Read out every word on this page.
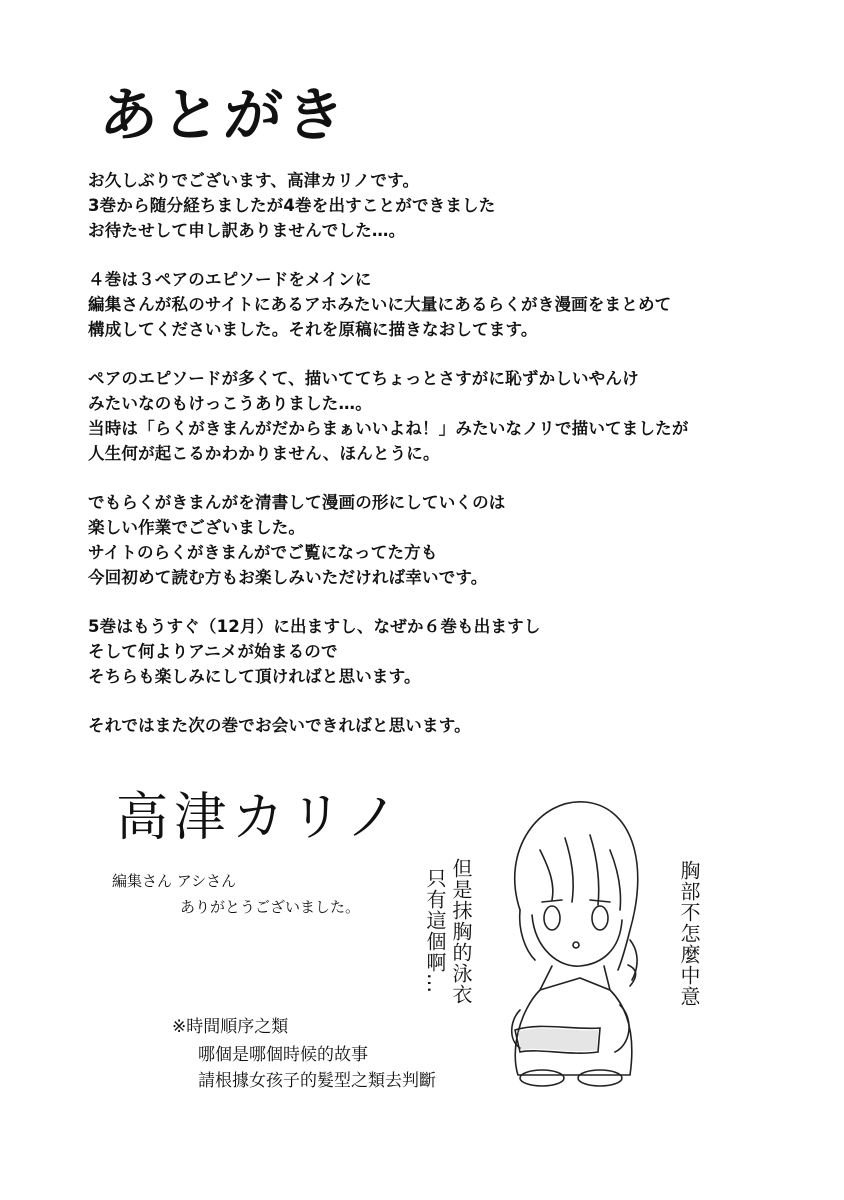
あとがき

お久しぶりでございます、高津カリノです。
3巻から随分経ちましたが4巻を出すことができました
お待たせして申し訳ありませんでした…。

４巻は３ペアのエピソードをメインに
編集さんが私のサイトにあるアホみたいに大量にあるらくがき漫画をまとめて
構成してくださいました。それを原稿に描きなおしてます。

ペアのエピソードが多くて、描いててちょっとさすがに恥ずかしいやんけ
みたいなのもけっこうありました…。
当時は「らくがきまんがだからまぁいいよね！」みたいなノリで描いてましたが
人生何が起こるかわかりません、ほんとうに。

でもらくがきまんがを清書して漫画の形にしていくのは
楽しい作業でございました。
サイトのらくがきまんがでご覧になってた方も
今回初めて読む方もお楽しみいただければ幸いです。

5巻はもうすぐ（12月）に出ますし、なぜか６巻も出ますし
そして何よりアニメが始まるので
そちらも楽しみにして頂ければと思います。

それではまた次の巻でお会いできればと思います。

高津カリノ
編集さん アシさん
ありがとうございました。	但是抹胸的泳衣
只有這個啊…	胸部不怎麼中意
※時間順序之類
哪個是哪個時候的故事
請根據女孩子的髮型之類去判斷
